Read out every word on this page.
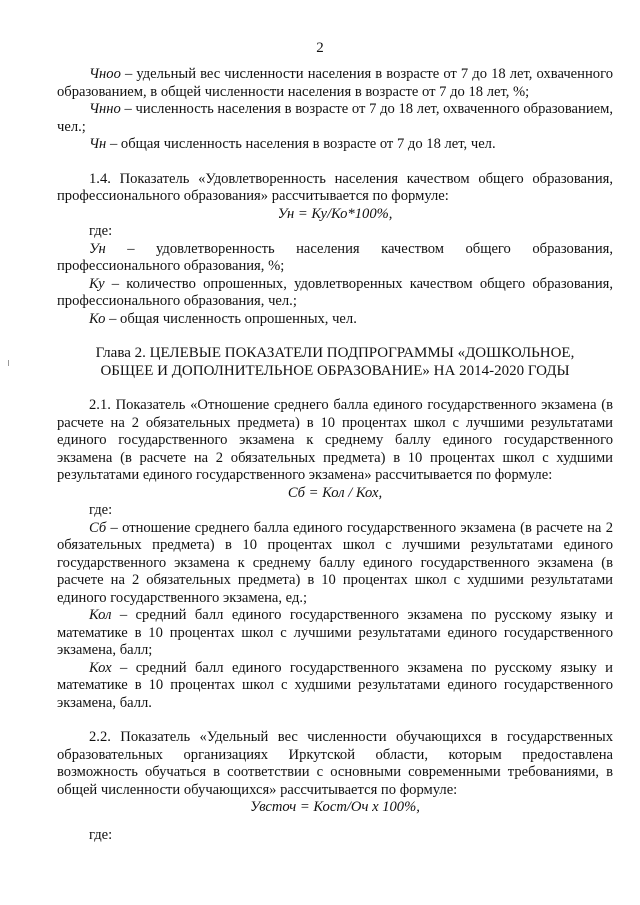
2

Чноо – удельный вес численности населения в возрасте от 7 до 18 лет, охваченного образованием, в общей численности населения в возрасте от 7 до 18 лет, %;

Чнно – численность населения в возрасте от 7 до 18 лет, охваченного образованием, чел.;

Чн – общая численность населения в возрасте от 7 до 18 лет, чел.

1.4. Показатель «Удовлетворенность населения качеством общего образования, профессионального образования» рассчитывается по формуле:

Ун = Ку/Ко*100%,

где:

Ун – удовлетворенность населения качеством общего образования, профессионального образования, %;

Ку – количество опрошенных, удовлетворенных качеством общего образования, профессионального образования, чел.;

Ко – общая численность опрошенных, чел.

Глава 2. ЦЕЛЕВЫЕ ПОКАЗАТЕЛИ ПОДПРОГРАММЫ «ДОШКОЛЬНОЕ,

ОБЩЕЕ И ДОПОЛНИТЕЛЬНОЕ ОБРАЗОВАНИЕ» НА 2014-2020 ГОДЫ

2.1. Показатель «Отношение среднего балла единого государственного экзамена (в расчете на 2 обязательных предмета) в 10 процентах школ с лучшими результатами единого государственного экзамена к среднему баллу единого государственного экзамена (в расчете на 2 обязательных предмета) в 10 процентах школ с худшими результатами единого государственного экзамена» рассчитывается по формуле:

Сб = Кол / Кох,

где:

Сб – отношение среднего балла единого государственного экзамена (в расчете на 2 обязательных предмета) в 10 процентах школ с лучшими результатами единого государственного экзамена к среднему баллу единого государственного экзамена (в расчете на 2 обязательных предмета) в 10 процентах школ с худшими результатами единого государственного экзамена, ед.;

Кол – средний балл единого государственного экзамена по русскому языку и математике в 10 процентах школ с лучшими результатами единого государственного экзамена, балл;

Кох – средний балл единого государственного экзамена по русскому языку и математике в 10 процентах школ с худшими результатами единого государственного экзамена, балл.

2.2. Показатель «Удельный вес численности обучающихся в государственных образовательных организациях Иркутской области, которым предоставлена возможность обучаться в соответствии с основными современными требованиями, в общей численности обучающихся» рассчитывается по формуле:

Увсточ = Кост/Оч х 100%,

где:
